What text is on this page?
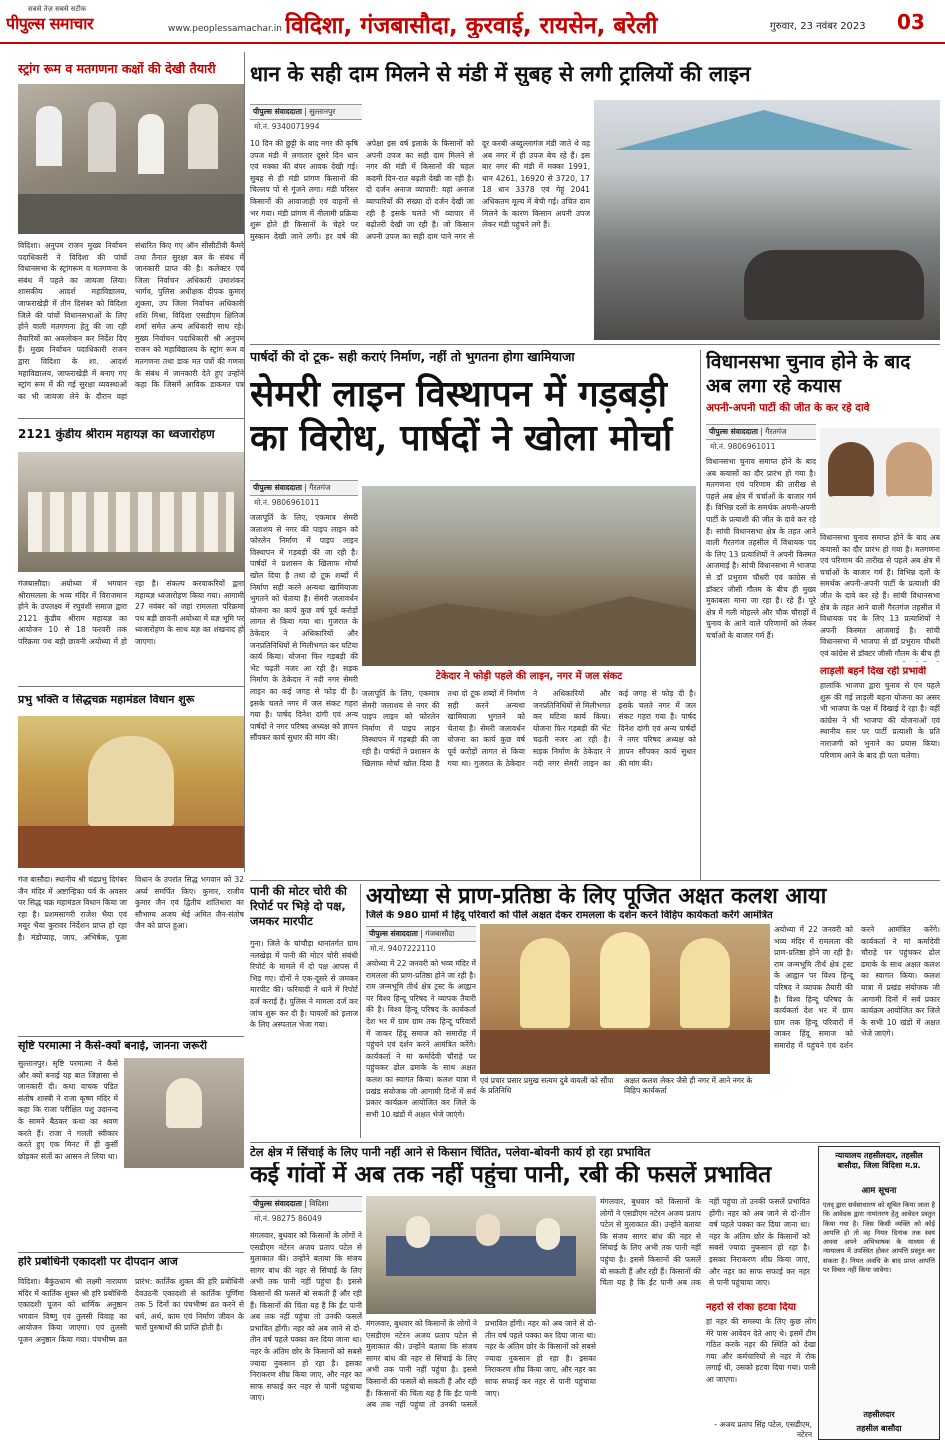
सबसे तेज़ सबसे सटीक
पीपुल्स समाचार	www.peoplessamachar.in विदिशा, गंजबासौदा, कुरवाई, रायसेन, बरेली	गुरुवार, 23 नवंबर 2023 03
स्ट्रांग रूम व मतगणना कक्षों की देखी तैयारी
विदिशा। अनुपम राजन मुख्य निर्वाचन पदाधिकारी ने विदिशा की पांचों विधानसभा के स्ट्रांगरूम व मतगणना के संबंध में पहले का जायजा लिया। शासकीय आदर्श महाविद्यालय, जाफराखेड़ी में तीन दिसंबर को विदिशा जिले की पांचों विधानसभाओं के लिए होने वाली मतगणना हेतु की जा रही तैयारियों का अवलोकन कर निर्देश दिए हैं। मुख्य निर्वाचन पदाधिकारी राजन द्वारा विदिशा के शा. आदर्श महाविद्यालय, जाफराखेड़ी में बनाए गए स्ट्रांग रूम में की गई सुरक्षा व्यवस्थाओं का भी जायजा लेने के दौरान वहां संधारित किए गए ऑन सीसीटीवी कैमरे तथा तैनात सुरक्षा बल के संबंध में जानकारी प्राप्त की है। कलेक्टर एवं जिला निर्वाचन अधिकारी उमाशंकर भार्गव, पुलिस अधीक्षक दीपक कुमार शुक्ला, उप जिला निर्वाचन अधिकारी शशि मिश्रा, विदिशा एसडीएम क्षितिज शर्मा समेत अन्य अधिकारी साथ रहे। मुख्य निर्वाचन पदाधिकारी श्री अनुपम राजन को महाविद्यालय के स्ट्रांग रूम व मतगणना तथा डाक मत पत्रों की गणना के संबंध में जानकारी देते हुए उन्होंने कहा कि जिसमें आविक डाकमत पत्र
2121 कुंडीय श्रीराम महायज्ञ का ध्वजारोहण
गंजबासौदा। अयोध्या में भगवान श्रीरामलला के भव्य मंदिर में विराजमान होने के उपलक्ष्य में रघुवंशी समाज द्वारा 2121 कुंडीय श्रीराम महायज्ञ का आयोजन 10 से 18 फरवरी तक परिक्रमा पथ बड़ी छावनी अयोध्या में हो रहा है। संकल्प करवाकरियों द्वारा महायज्ञ ध्वजारोहण किया गया। आगामी 27 नवंबर को जहां रामलला परिक्रमा पथ बड़ी छावनी अयोध्या में यज्ञ भूमि पर ध्वजारोहण के साथ यज्ञ का शंखनाद हो जाएगा।
प्रभु भक्ति व सिद्धचक्र महामंडल विधान शुरू
गंज बासौदा। स्थानीय श्री चंद्रप्रभु दिगंबर जैन मंदिर में अष्टान्हिका पर्व के अवसर पर सिद्ध चक्र महामंडल विधान किया जा रहा है। प्रशमसागरी राजेश भैया एवं मयूर भैया कुरावर निर्देशन प्राप्त हो रहा है। मंडोप्याह, जाप, अभिषेक, पूजा विधान के उपरांत सिद्ध भगवान को 32 अर्घ्य समर्पित किए। कुमार, राजीव कुमार जैन एवं द्वितीय शांतिधारा का सौभाग्य अजय श्रेई अमित जैन-संतोष जैन को प्राप्त हुआ।
सृष्टि परमात्मा ने कैसे-क्यों बनाई, जानना जरूरी
सुल्तानपुर। सृष्टि परमात्मा ने कैसे और क्यों बनाई यह बात जिज्ञासा से जानकारी दी। कथा वाचक पंडित संतोष शास्त्री ने राजा कृष्ण मंदिर में कहा कि राजा परीक्षित पशु उदानन्द के सामने बैठकर कथा का श्रवण करते हैं। राजा ने गलती स्वीकार करते हुए एक मिनट में ही कुर्सी छोड़कर संतों का आसन ले लिया था।
हरि प्रबोधिनी एकादशी पर दीपदान आज
विदिशा। बैकुंठधाम श्री लक्ष्मी नारायण मंदिर में कार्तिक शुक्ल श्री हरि प्रबोधिनी एकादशी पूजन को धार्मिक अनुष्ठान भगवान विष्णु एवं तुलसी विवाह का आयोजन किया जाएगा। एवं तुलसी पूजन अनुष्ठान किया गया। पंचभीष्म व्रत प्रारंभ: कार्तिक शुक्ल की हरि प्रबोधिनी देवउठनी एकादशी से कार्तिक पूर्णिमा तक 5 दिनों का पंचभीष्म व्रत करने से धर्म, अर्थ, काम एवं निर्माण जीवन के चारों पुरुषार्थों की प्राप्ति होती है।
धान के सही दाम मिलने से मंडी में सुबह से लगी ट्रालियों की लाइन
पीपुल्स संवाददाता | सुल्तानपुर
मो.नं. 9340071994
10 दिन की छुट्टी के बाद नगर की कृषि उपज मंडी में लगातार दूसरे दिन धान एवं मक्का की बंपर आवक देखी गई। सुबह से ही मंडी प्रांगण किसानों की चिल्लप पों से गूंजने लगा। मंडी परिसर किसानों की आवाजाही एवं वाहनों से भर गया। मंडी प्रांगण में नीलामी प्रक्रिया शुरू होते ही किसानों के चेहरे पर मुस्कान देखी जाने लगी। हर वर्ष की अपेक्षा इस वर्ष इलाके के किसानों को अपनी उपज का सही दाम मिलने से नगर की मंडी में किसानों की चहल कदमी दिन-रात बढ़ती देखी जा रही है। दो दर्जन अनाज व्यापारी: यहां अनाज व्यापारियों की संख्या दो दर्जन देखी जा रही है इसके चलते भी व्यापार में बढ़ोतरी देखी जा रही है। जो किसान अपनी उपज का सही दाम पाने नगर से दूर करबी अब्दुल्लागंज मंडी जाते थे वह अब नगर में ही उपज बेच रहे हैं। इस बार नगर की मंडी में मक्का 1991, धान 4261, 16920 से 3720, 17 18 धान 3378 एवं गेहूं 2041 अधिकतम मूल्य में बेची गई। उचित दाम मिलने के कारण किसान अपनी उपज लेकर मंडी पहुंचने लगे हैं।
पार्षदों की दो टूक- सही कराएं निर्माण, नहीं तो भुगतना होगा खामियाजा
सेमरी लाइन विस्थापन में गड़बड़ी का विरोध, पार्षदों ने खोला मोर्चा
पीपुल्स संवाददाता | गैरतगंज
मो.नं. 9806961011
टेकेदार ने फोड़ी पहले की लाइन, नगर में जल संकट
जलापूर्ति के लिए, एकमात्र सेमरी जलाशय से नगर की पाइप लाइन को फोरलेन निर्माण में पाइप लाइन विस्थापन में गड़बड़ी की जा रही है। पार्षदों ने प्रशासन के खिलाफ मोर्चा खोल दिया है तथा दो टूक शब्दों में निर्माण सही करने अन्यथा खामियाजा भुगतने को चेताया है। सेमरी जलावर्धन योजना का कार्य कुछ वर्ष पूर्व करोड़ों लागत से किया गया था। गुजरात के ठेकेदार ने अधिकारियों और जनप्रतिनिधियों से मिलीभगत कर घटिया कार्य किया। योजना फिर गड़बड़ी की भेंट चढ़ती नजर आ रही है। सड़क निर्माण के ठेकेदार ने नदी नगर सेमरी लाइन का कई जगह से फोड़ दी है। इसके चलते नगर में जल संकट गहरा गया है। पार्षद दिनेश दांगी एवं अन्य पार्षदों ने नगर परिषद अध्यक्ष को ज्ञापन सौंपकर कार्य सुधार की मांग की।
जलापूर्ति के लिए, एकमात्र सेमरी जलाशय से नगर की पाइप लाइन को फोरलेन निर्माण में पाइप लाइन विस्थापन में गड़बड़ी की जा रही है। पार्षदों ने प्रशासन के खिलाफ मोर्चा खोल दिया है तथा दो टूक शब्दों में निर्माण सही करने अन्यथा खामियाजा भुगतने को चेताया है। सेमरी जलावर्धन योजना का कार्य कुछ वर्ष पूर्व करोड़ों लागत से किया गया था। गुजरात के ठेकेदार ने अधिकारियों और जनप्रतिनिधियों से मिलीभगत कर घटिया कार्य किया। योजना फिर गड़बड़ी की भेंट चढ़ती नजर आ रही है। सड़क निर्माण के ठेकेदार ने नदी नगर सेमरी लाइन का कई जगह से फोड़ दी है। इसके चलते नगर में जल संकट गहरा गया है। पार्षद दिनेश दांगी एवं अन्य पार्षदों ने नगर परिषद अध्यक्ष को ज्ञापन सौंपकर कार्य सुधार की मांग की।
विधानसभा चुनाव होने के बाद अब लगा रहे कयास
अपनी-अपनी पार्टी की जीत के कर रहे दावे
पीपुल्स संवाददाता | गैरतगंज
मो.नं. 9806961011
विधानसभा चुनाव समाप्त होने के बाद अब कयासों का दौर प्रारंभ हो गया है। मतगणना एवं परिणाम की तारीख से पहले अब क्षेत्र में चर्चाओं के बाजार गर्म हैं। विभिन्न दलों के समर्थक अपनी-अपनी पार्टी के प्रत्याशी की जीत के दावे कर रहे हैं। सांची विधानसभा क्षेत्र के तहत आने वाली गैरतगंज तहसील में विधायक पद के लिए 13 प्रत्याशियों ने अपनी किस्मत आजमाई है। सांची विधानसभा में भाजपा से डॉ प्रभुराम चौधरी एवं कांग्रेस से डॉक्टर जीसी गौतम के बीच ही मुख्य मुकाबला माना जा रहा है। रहे हैं। पूरे क्षेत्र में गली मोहल्ले और चौक चौराहों में चुनाव के आने वाले परिणामों को लेकर चर्चाओं के बाजार गर्म हैं।
विधानसभा चुनाव समाप्त होने के बाद अब कयासों का दौर प्रारंभ हो गया है। मतगणना एवं परिणाम की तारीख से पहले अब क्षेत्र में चर्चाओं के बाजार गर्म हैं। विभिन्न दलों के समर्थक अपनी-अपनी पार्टी के प्रत्याशी की जीत के दावे कर रहे हैं। सांची विधानसभा क्षेत्र के तहत आने वाली गैरतगंज तहसील में विधायक पद के लिए 13 प्रत्याशियों ने अपनी किस्मत आजमाई है। सांची विधानसभा में भाजपा से डॉ प्रभुराम चौधरी एवं कांग्रेस से डॉक्टर जीसी गौतम के बीच ही
लाड़ली बहनें दिख रही प्रभावी
हालांकि भाजपा द्वारा चुनाव से एन पहले शुरू की गई लाड़ली बहना योजना का असर भी भाजपा के पक्ष में दिखाई दे रहा है। वहीं कांग्रेस ने भी भाजपा की योजनाओं एवं स्थानीय स्तर पर पार्टी प्रत्याशी के प्रति नाराजगी को भुनाने का प्रयास किया। परिणाम आने के बाद ही पता चलेगा।
पानी की मोटर चोरी की रिपोर्ट पर भिड़े दो पक्ष, जमकर मारपीट
गुना। जिले के चांचौड़ा थानांतर्गत ग्राम नलखेड़ा में पानी की मोटर चोरी संबंधी रिपोर्ट के मामले में दो पक्ष आपस में भिड़ गए। दोनों ने एक-दूसरे से जमकर मारपीट की। फरियादी ने थाने में रिपोर्ट दर्ज कराई है। पुलिस ने मामला दर्ज कर जांच शुरू कर दी है। घायलों को इलाज के लिए अस्पताल भेजा गया।
अयोध्या से प्राण-प्रतिष्ठा के लिए पूजित अक्षत कलश आया
जिले के 980 ग्रामों में हिंदू परिवारों को पीले अक्षत देकर रामलला के दर्शन करने विहिप कार्यकर्ता करेंगे आमंत्रित
पीपुल्स संवाददाता | गंजबासौदा
मो.नं. 9407222110
अयोध्या में 22 जनवरी को भव्य मंदिर में रामलला की प्राण-प्रतिष्ठा होने जा रही है। राम जन्मभूमि तीर्थ क्षेत्र ट्रस्ट के आह्वान पर विश्व हिन्दू परिषद ने व्यापक तैयारी की है। विश्व हिन्दू परिषद के कार्यकर्ता देश भर में ग्राम ग्राम तक हिन्दू परिवारों में जाकर हिंदू समाज को समारोह में पहुंचने एवं दर्शन करने आमंत्रित करेंगे। कार्यकर्ता ने मां कर्मादेवी चौराहे पर पहुंचकर ढोल ढमाके के साथ अक्षत कलश का स्वागत किया। कलश यात्रा में प्रखंड संयोजक जी आगामी दिनों में सर्व प्रकार कार्यक्रम आयोजित कर जिले के सभी 10 खंडों में अक्षत भेजे जाएंगे।
एवं प्रचार प्रसार प्रमुख सत्यम दुबे वायली को सौंपा के प्रतिनिधि
अक्षत कलश लेकर जैसे ही नगर में आने नगर के विहिप कार्यकर्ता
अयोध्या में 22 जनवरी को भव्य मंदिर में रामलला की प्राण-प्रतिष्ठा होने जा रही है। राम जन्मभूमि तीर्थ क्षेत्र ट्रस्ट के आह्वान पर विश्व हिन्दू परिषद ने व्यापक तैयारी की है। विश्व हिन्दू परिषद के कार्यकर्ता देश भर में ग्राम ग्राम तक हिन्दू परिवारों में जाकर हिंदू समाज को समारोह में पहुंचने एवं दर्शन करने आमंत्रित करेंगे। कार्यकर्ता ने मां कर्मादेवी चौराहे पर पहुंचकर ढोल ढमाके के साथ अक्षत कलश का स्वागत किया। कलश यात्रा में प्रखंड संयोजक जी आगामी दिनों में सर्व प्रकार कार्यक्रम आयोजित कर जिले के सभी 10 खंडों में अक्षत भेजे जाएंगे।
टेल क्षेत्र में सिंचाई के लिए पानी नहीं आने से किसान चिंतित, पलेवा-बोवनी कार्य हो रहा प्रभावित
कई गांवों में अब तक नहीं पहुंचा पानी, रबी की फसलें प्रभावित
पीपुल्स संवाददाता | विदिशा
मो.नं. 98275 86049
मंगलवार, बुधवार को किसानों के लोगों ने एसडीएम नटेरन अजय प्रताप पटेल से मुलाकात की। उन्होंने बताया कि संजय सागर बांध की नहर से सिंचाई के लिए अभी तक पानी नहीं पहुंचा है। इससे किसानों की फसलें बो सकती हैं और रही हैं। किसानों की चिंता यह है कि ईंट पानी अब तक नहीं पहुंचा तो उनकी फसलें प्रभावित होंगी। नहर को अब जाने से दो-तीन वर्ष पहले पक्का कर दिया जाना था। नहर के अंतिम छोर के किसानों को सबसे ज्यादा नुकसान हो रहा है। इसका निराकरण शीघ्र किया जाए, और नहर का साफ सफाई कर नहर से पानी पहुंचाया जाए।
मंगलवार, बुधवार को किसानों के लोगों ने एसडीएम नटेरन अजय प्रताप पटेल से मुलाकात की। उन्होंने बताया कि संजय सागर बांध की नहर से सिंचाई के लिए अभी तक पानी नहीं पहुंचा है। इससे किसानों की फसलें बो सकती हैं और रही हैं। किसानों की चिंता यह है कि ईंट पानी अब तक नहीं पहुंचा तो उनकी फसलें प्रभावित होंगी। नहर को अब जाने से दो-तीन वर्ष पहले पक्का कर दिया जाना था। नहर के अंतिम छोर के किसानों को सबसे ज्यादा नुकसान हो रहा है। इसका निराकरण शीघ्र किया जाए, और नहर का साफ सफाई कर नहर से पानी पहुंचाया जाए।
मंगलवार, बुधवार को किसानों के लोगों ने एसडीएम नटेरन अजय प्रताप पटेल से मुलाकात की। उन्होंने बताया कि संजय सागर बांध की नहर से सिंचाई के लिए अभी तक पानी नहीं पहुंचा है। इससे किसानों की फसलें बो सकती हैं और रही हैं। किसानों की चिंता यह है कि ईंट पानी अब तक नहीं पहुंचा तो उनकी फसलें प्रभावित होंगी। नहर को अब जाने से दो-तीन वर्ष पहले पक्का कर दिया जाना था। नहर के अंतिम छोर के किसानों को सबसे ज्यादा नुकसान हो रहा है। इसका निराकरण शीघ्र किया जाए, और नहर का साफ सफाई कर नहर से पानी पहुंचाया जाए।
- अजय प्रताप सिंह पटेल, एसडीएम, नटेरन
नहरों से रोका हटवा दिया
हां नहर की समस्या के लिए कुछ लोग मेरे पास आवेदन देते आए थे। इसमें टीम गठित करके नहर की स्थिति को देखा गया और कर्मचारियों से नहर में रोक लगाई थी, उसको हटवा दिया गया। पानी आ जाएगा।
न्यायालय तहसीलदार, तहसील बासौदा, जिला विदिशा म.प्र.
आम सूचना
एतद् द्वारा सर्वसाधारण को सूचित किया जाता है कि आवेदक द्वारा नामांतरण हेतु आवेदन प्रस्तुत किया गया है। जिस किसी व्यक्ति को कोई आपत्ति हो तो वह नियत दिनांक तक स्वयं अथवा अपने अभिभाषक के माध्यम से न्यायालय में उपस्थित होकर आपत्ति प्रस्तुत कर सकता है। नियत अवधि के बाद प्राप्त आपत्ति पर विचार नहीं किया जावेगा।
तहसीलदार
तहसील बासौदा
